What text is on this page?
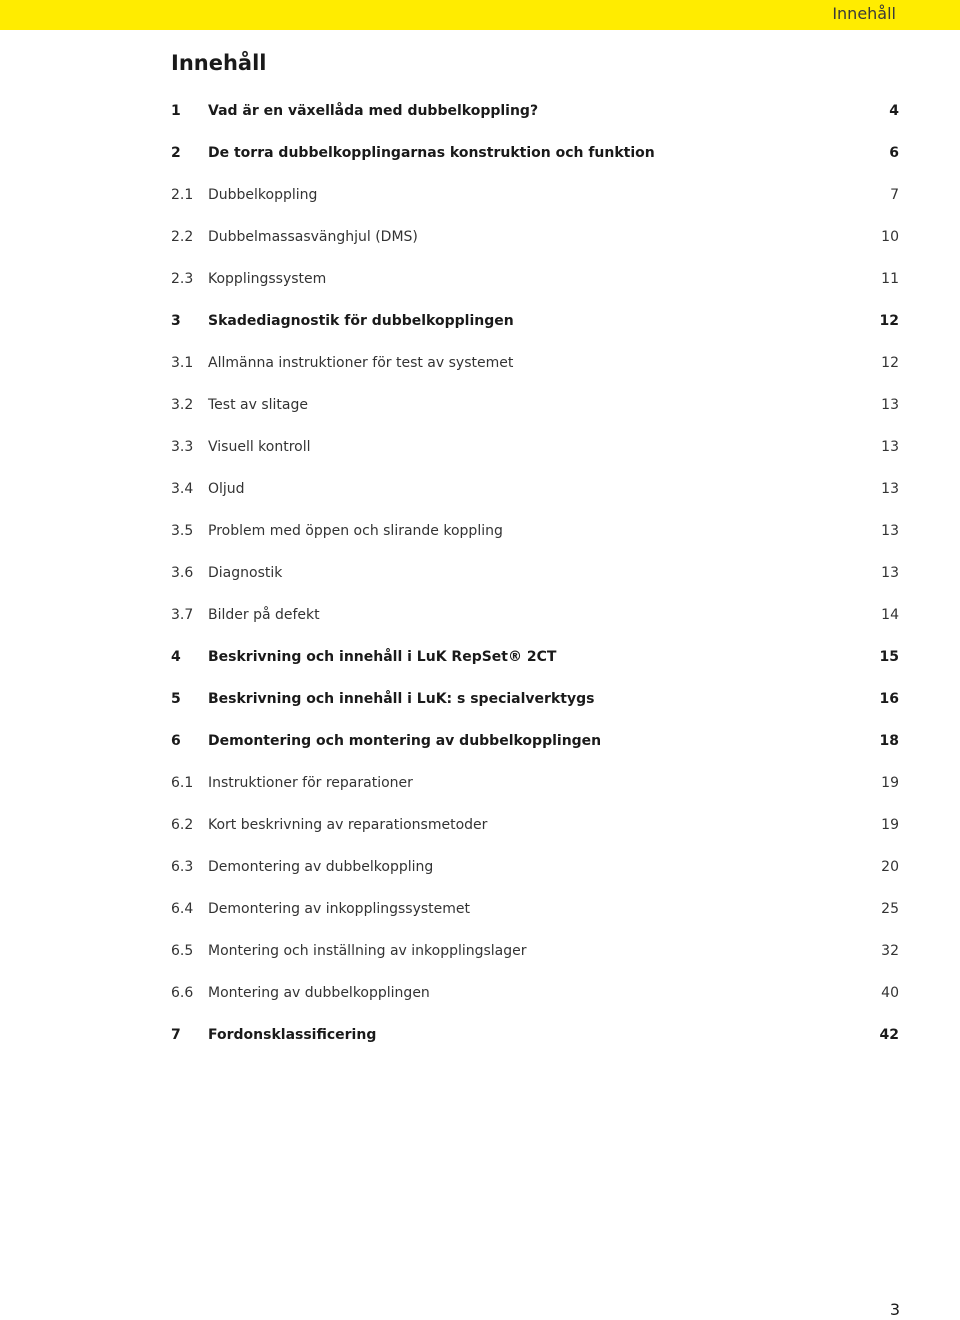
Innehåll
Innehåll
1 Vad är en växellåda med dubbelkoppling?	4
2 De torra dubbelkopplingarnas konstruktion och funktion	6
2.1 Dubbelkoppling	7
2.2 Dubbelmassasvänghjul (DMS)	10
2.3 Kopplingssystem	11
3 Skadediagnostik för dubbelkopplingen	12
3.1 Allmänna instruktioner för test av systemet	12
3.2 Test av slitage	13
3.3 Visuell kontroll	13
3.4 Oljud	13
3.5 Problem med öppen och slirande koppling	13
3.6 Diagnostik	13
3.7 Bilder på defekt	14
4 Beskrivning och innehåll i LuK RepSet® 2CT	15
5 Beskrivning och innehåll i LuK: s specialverktygs	16
6 Demontering och montering av dubbelkopplingen	18
6.1 Instruktioner för reparationer	19
6.2 Kort beskrivning av reparationsmetoder	19
6.3 Demontering av dubbelkoppling	20
6.4 Demontering av inkopplingssystemet	25
6.5 Montering och inställning av inkopplingslager	32
6.6 Montering av dubbelkopplingen	40
7 Fordonsklassificering	42
3
